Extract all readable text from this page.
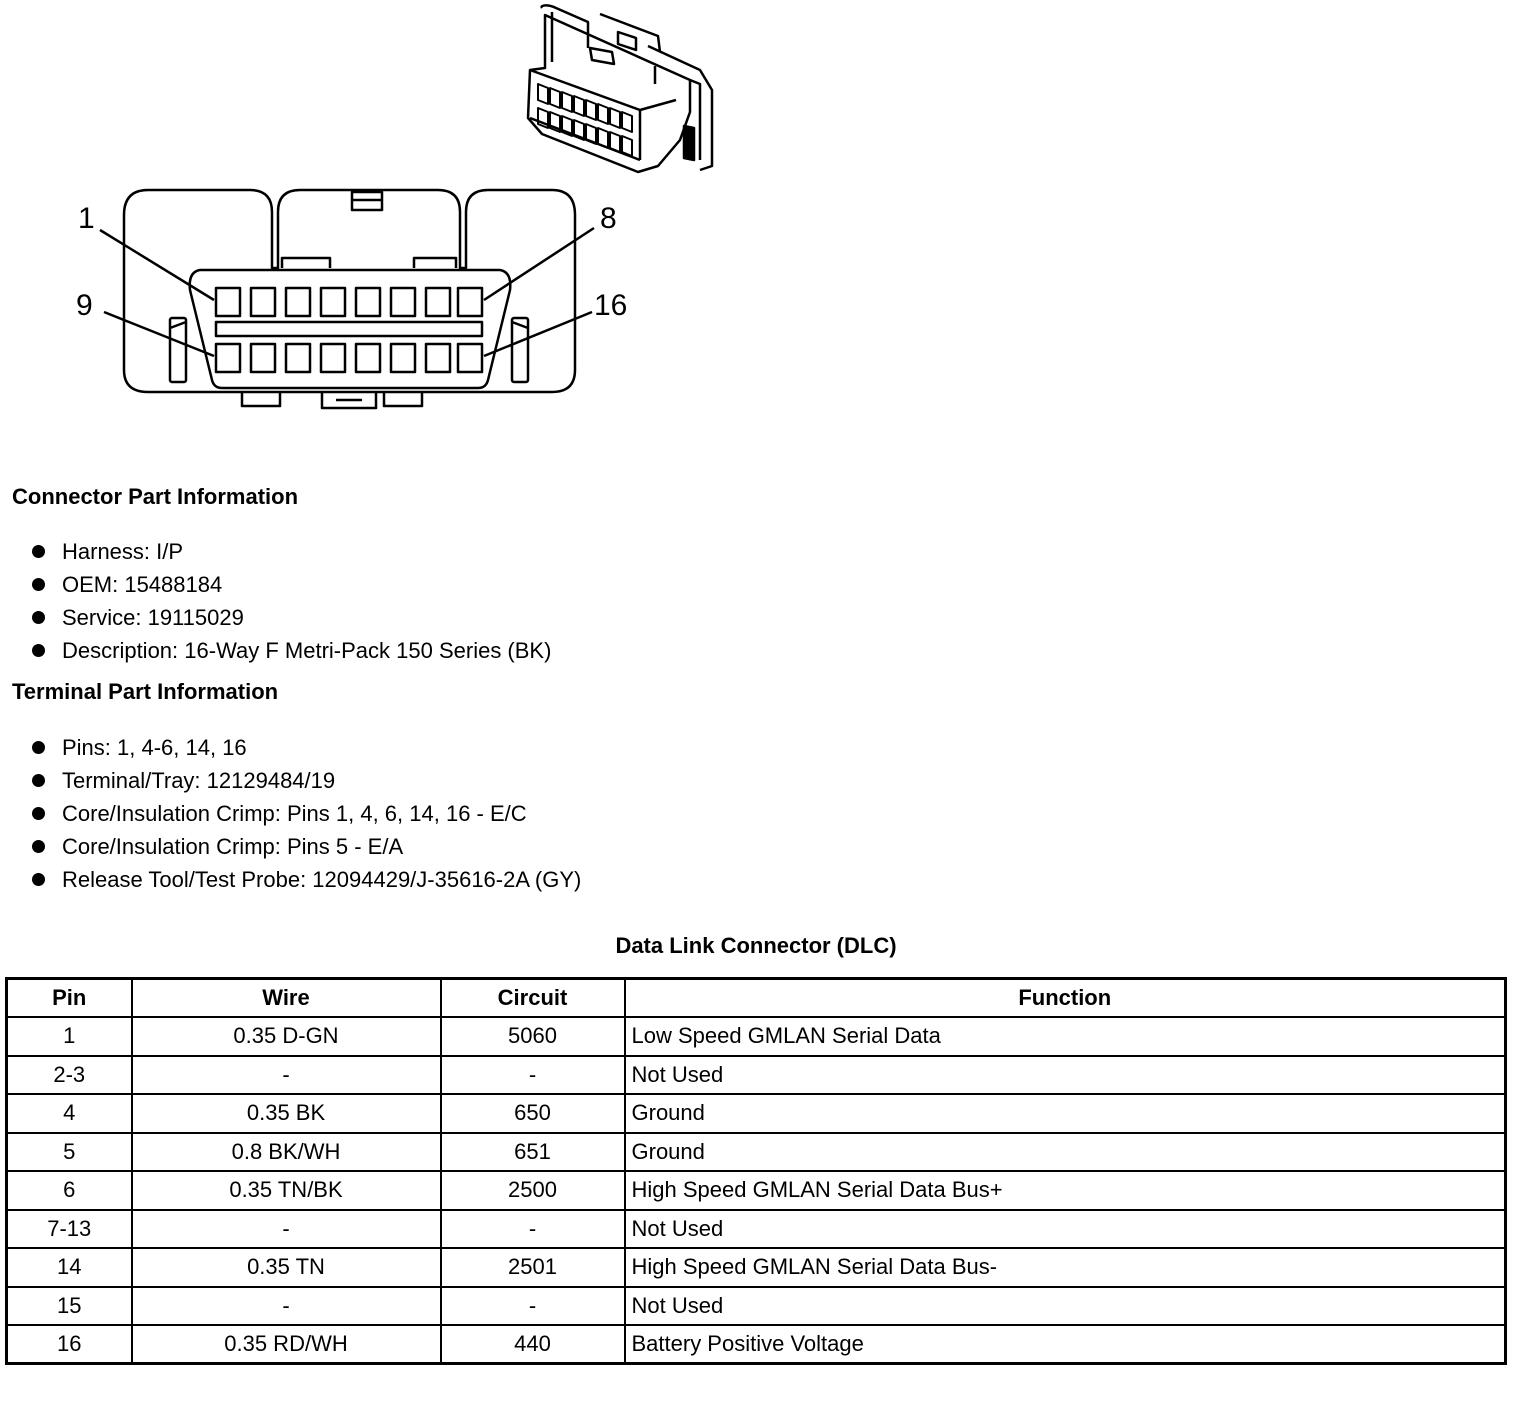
1	8
9	16
Connector Part Information
Harness: I/P
OEM: 15488184
Service: 19115029
Description: 16-Way F Metri-Pack 150 Series (BK)
Terminal Part Information
Pins: 1, 4-6, 14, 16
Terminal/Tray: 12129484/19
Core/Insulation Crimp: Pins 1, 4, 6, 14, 16 - E/C
Core/Insulation Crimp: Pins 5 - E/A
Release Tool/Test Probe: 12094429/J-35616-2A (GY)
Data Link Connector (DLC)
Pin	Wire	Circuit	Function
1	0.35 D-GN	5060	Low Speed GMLAN Serial Data
2-3	-	-	Not Used
4	0.35 BK	650	Ground
5	0.8 BK/WH	651	Ground
6	0.35 TN/BK	2500	High Speed GMLAN Serial Data Bus+
7-13	-	-	Not Used
14	0.35 TN	2501	High Speed GMLAN Serial Data Bus-
15	-	-	Not Used
16	0.35 RD/WH	440	Battery Positive Voltage
